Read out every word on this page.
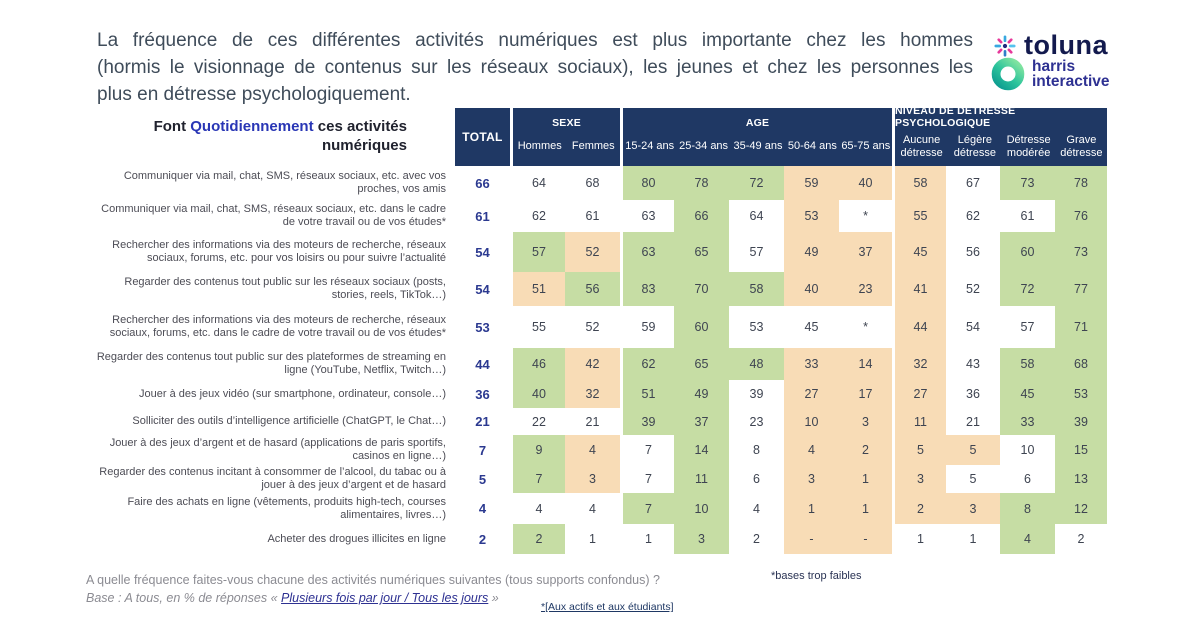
La fréquence de ces différentes activités numériques est plus importante chez les hommes
(hormis le visionnage de contenus sur les réseaux sociaux), les jeunes et chez les personnes les
plus en détresse psychologiquement.
toluna
harris
interactive
Font Quotidiennement ces activités numériques	TOTAL
SEXE
Hommes Femmes
AGE
15-24 ans 25-34 ans 35-49 ans 50-64 ans 65-75 ans
NIVEAU DE DETRESSE PSYCHOLOGIQUE
Aucune détresse
Légère détresse
Détresse modérée
Grave détresse
Communiquer via mail, chat, SMS, réseaux sociaux, etc. avec vos proches, vos amis	66	64	68	80	78	72	59	40	58	67	73	78
Communiquer via mail, chat, SMS, réseaux sociaux, etc. dans le cadre de votre travail ou de vos études*	61	62	61	63	66	64	53	*	55	62	61	76
Rechercher des informations via des moteurs de recherche, réseaux sociaux, forums, etc. pour vos loisirs ou pour suivre l’actualité	54	57	52	63	65	57	49	37	45	56	60	73
Regarder des contenus tout public sur les réseaux sociaux (posts, stories, reels, TikTok…)	54	51	56	83	70	58	40	23	41	52	72	77
Rechercher des informations via des moteurs de recherche, réseaux sociaux, forums, etc. dans le cadre de votre travail ou de vos études*	53	55	52	59	60	53	45	*	44	54	57	71
Regarder des contenus tout public sur des plateformes de streaming en ligne (YouTube, Netflix, Twitch…)	44	46	42	62	65	48	33	14	32	43	58	68
Jouer à des jeux vidéo (sur smartphone, ordinateur, console…)	36	40	32	51	49	39	27	17	27	36	45	53
Solliciter des outils d’intelligence artificielle (ChatGPT, le Chat…)	21	22	21	39	37	23	10	3	11	21	33	39
Jouer à des jeux d’argent et de hasard (applications de paris sportifs, casinos en ligne…)	7	9	4	7	14	8	4	2	5	5	10	15
Regarder des contenus incitant à consommer de l’alcool, du tabac ou à jouer à des jeux d’argent et de hasard	5	7	3	7	11	6	3	1	3	5	6	13
Faire des achats en ligne (vêtements, produits high-tech, courses alimentaires, livres…)	4	4	4	7	10	4	1	1	2	3	8	12
Acheter des drogues illicites en ligne	2	2	1	1	3	2	-	-	1	1	4	2
A quelle fréquence faites-vous chacune des activités numériques suivantes (tous supports confondus) ?
Base : A tous, en % de réponses « Plusieurs fois par jour / Tous les jours »
*bases trop faibles
*[Aux actifs et aux étudiants]
